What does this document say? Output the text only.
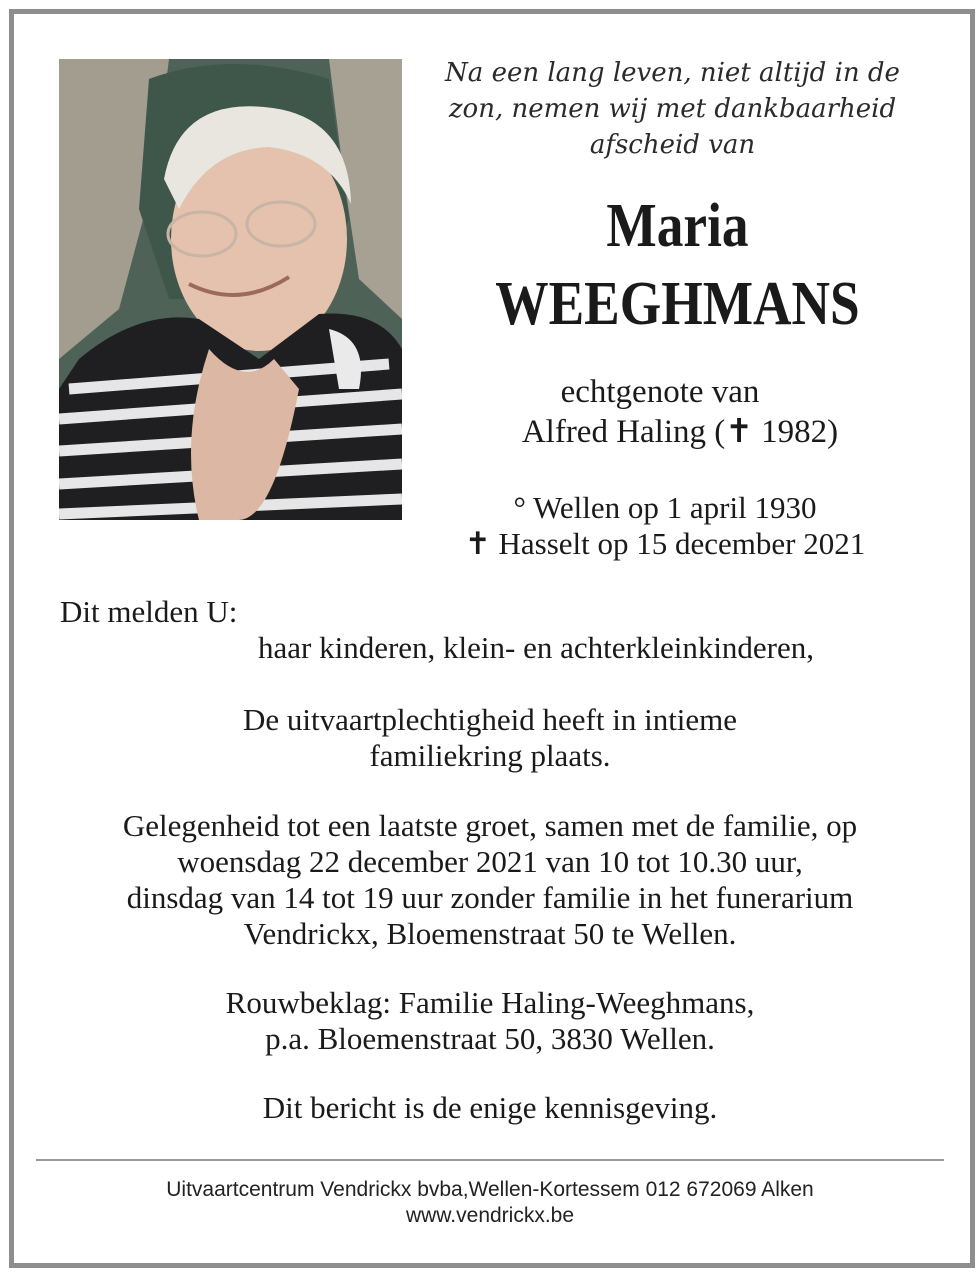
Na een lang leven, niet altijd in de
zon, nemen wij met dankbaarheid
afscheid van
Maria
WEEGHMANS
echtgenote van
Alfred Haling (✝ 1982)
° Wellen op 1 april 1930
✝ Hasselt op 15 december 2021
Dit melden U:
haar kinderen, klein- en achterkleinkinderen,
De uitvaartplechtigheid heeft in intieme
familiekring plaats.
Gelegenheid tot een laatste groet, samen met de familie, op
woensdag 22 december 2021 van 10 tot 10.30 uur,
dinsdag van 14 tot 19 uur zonder familie in het funerarium
Vendrickx, Bloemenstraat 50 te Wellen.
Rouwbeklag: Familie Haling-Weeghmans,
p.a. Bloemenstraat 50, 3830 Wellen.
Dit bericht is de enige kennisgeving.
Uitvaartcentrum Vendrickx bvba,Wellen-Kortessem 012 672069 Alken
www.vendrickx.be
